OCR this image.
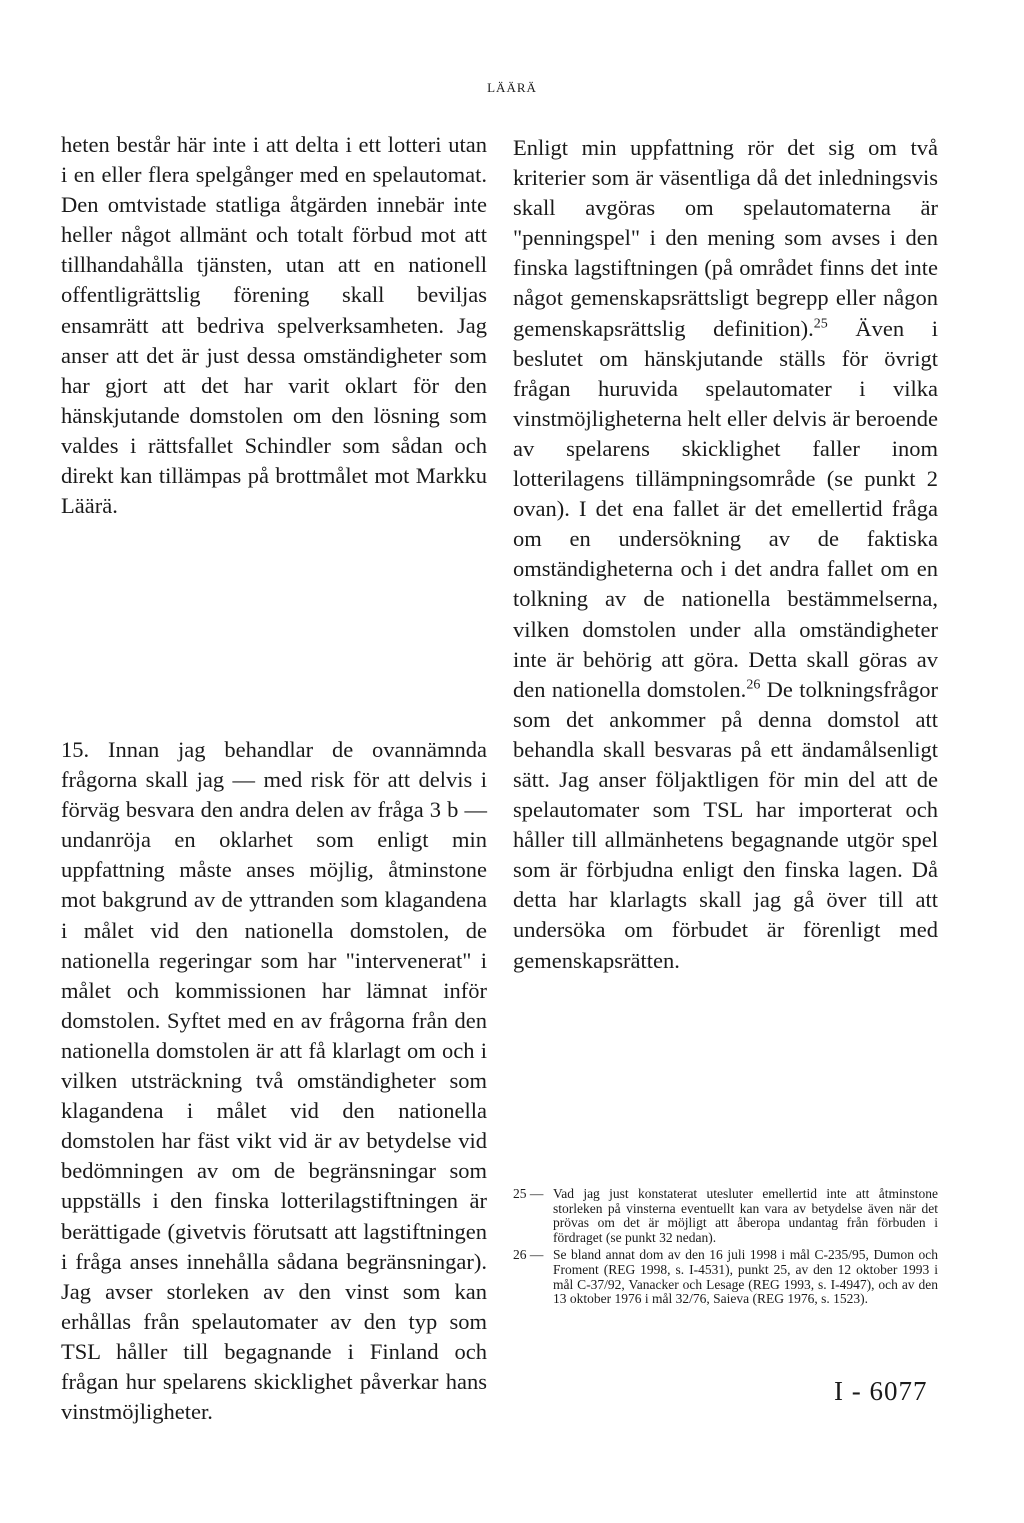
LÄÄRÄ

heten består här inte i att delta i ett lotteri utan i en eller flera spelgånger med en spelautomat. Den omtvistade statliga åtgärden innebär inte heller något allmänt och totalt förbud mot att tillhandahålla tjänsten, utan att en nationell offentligrättslig förening skall beviljas ensamrätt att bedriva spelverksamheten. Jag anser att det är just dessa omständigheter som har gjort att det har varit oklart för den hänskjutande domstolen om den lösning som valdes i rättsfallet Schindler som sådan och direkt kan tillämpas på brottmålet mot Markku Läärä.

15. Innan jag behandlar de ovannämnda frågorna skall jag — med risk för att delvis i förväg besvara den andra delen av fråga 3 b — undanröja en oklarhet som enligt min uppfattning måste anses möjlig, åtminstone mot bakgrund av de yttranden som klagandena i målet vid den nationella domstolen, de nationella regeringar som har "intervenerat" i målet och kommissionen har lämnat inför domstolen. Syftet med en av frågorna från den nationella domstolen är att få klarlagt om och i vilken utsträckning två omständigheter som klagandena i målet vid den nationella domstolen har fäst vikt vid är av betydelse vid bedömningen av om de begränsningar som uppställs i den finska lotterilagstiftningen är berättigade (givetvis förutsatt att lagstiftningen i fråga anses innehålla sådana begränsningar). Jag avser storleken av den vinst som kan erhållas från spelautomater av den typ som TSL håller till begagnande i Finland och frågan hur spelarens skicklighet påverkar hans vinstmöjligheter.

Enligt min uppfattning rör det sig om två kriterier som är väsentliga då det inledningsvis skall avgöras om spelautomaterna är "penningspel" i den mening som avses i den finska lagstiftningen (på området finns det inte något gemenskapsrättsligt begrepp eller någon gemenskapsrättslig definition).$^{25}$ Även i beslutet om hänskjutande ställs för övrigt frågan huruvida spelautomater i vilka vinstmöjligheterna helt eller delvis är beroende av spelarens skicklighet faller inom lotterilagens tillämpningsområde (se punkt 2 ovan). I det ena fallet är det emellertid fråga om en undersökning av de faktiska omständigheterna och i det andra fallet om en tolkning av de nationella bestämmelserna, vilken domstolen under alla omständigheter inte är behörig att göra. Detta skall göras av den nationella domstolen.$^{26}$ De tolkningsfrågor som det ankommer på denna domstol att behandla skall besvaras på ett ändamålsenligt sätt. Jag anser följaktligen för min del att de spelautomater som TSL har importerat och håller till allmänhetens begagnande utgör spel som är förbjudna enligt den finska lagen. Då detta har klarlagts skall jag gå över till att undersöka om förbudet är förenligt med gemenskapsrätten.

25 — Vad jag just konstaterat utesluter emellertid inte att åtminstone storleken på vinsterna eventuellt kan vara av betydelse även när det prövas om det är möjligt att åberopa undantag från förbuden i fördraget (se punkt 32 nedan).
26 — Se bland annat dom av den 16 juli 1998 i mål C-235/95, Dumon och Froment (REG 1998, s. I-4531), punkt 25, av den 12 oktober 1993 i mål C-37/92, Vanacker och Lesage (REG 1993, s. I-4947), och av den 13 oktober 1976 i mål 32/76, Saieva (REG 1976, s. 1523).
I - 6077
